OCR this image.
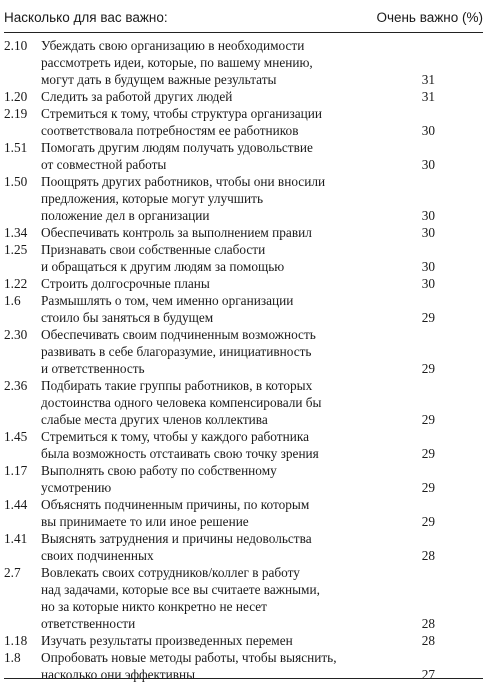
Насколько для вас важно:	Очень важно (%)
2.10 Убеждать свою организацию в необходимости
рассмотреть идеи, которые, по вашему мнению,
могут дать в будущем важные результаты	31
1.20 Следить за работой других людей	31
2.19 Стремиться к тому, чтобы структура организации
соответствовала потребностям ее работников	30
1.51 Помогать другим людям получать удовольствие
от совместной работы	30
1.50 Поощрять других работников, чтобы они вносили
предложения, которые могут улучшить
положение дел в организации	30
1.34 Обеспечивать контроль за выполнением правил	30
1.25 Признавать свои собственные слабости
и обращаться к другим людям за помощью	30
1.22 Строить долгосрочные планы	30
1.6 Размышлять о том, чем именно организации
стоило бы заняться в будущем	29
2.30 Обеспечивать своим подчиненным возможность
развивать в себе благоразумие, инициативность
и ответственность	29
2.36 Подбирать такие группы работников, в которых
достоинства одного человека компенсировали бы
слабые места других членов коллектива	29
1.45 Стремиться к тому, чтобы у каждого работника
была возможность отстаивать свою точку зрения	29
1.17 Выполнять свою работу по собственному
усмотрению	29
1.44 Объяснять подчиненным причины, по которым
вы принимаете то или иное решение	29
1.41 Выяснять затруднения и причины недовольства
своих подчиненных	28
2.7 Вовлекать своих сотрудников/коллег в работу
над задачами, которые все вы считаете важными,
но за которые никто конкретно не несет
ответственности	28
1.18 Изучать результаты произведенных перемен	28
1.8 Опробовать новые методы работы, чтобы выяснить,
насколько они эффективны	27
